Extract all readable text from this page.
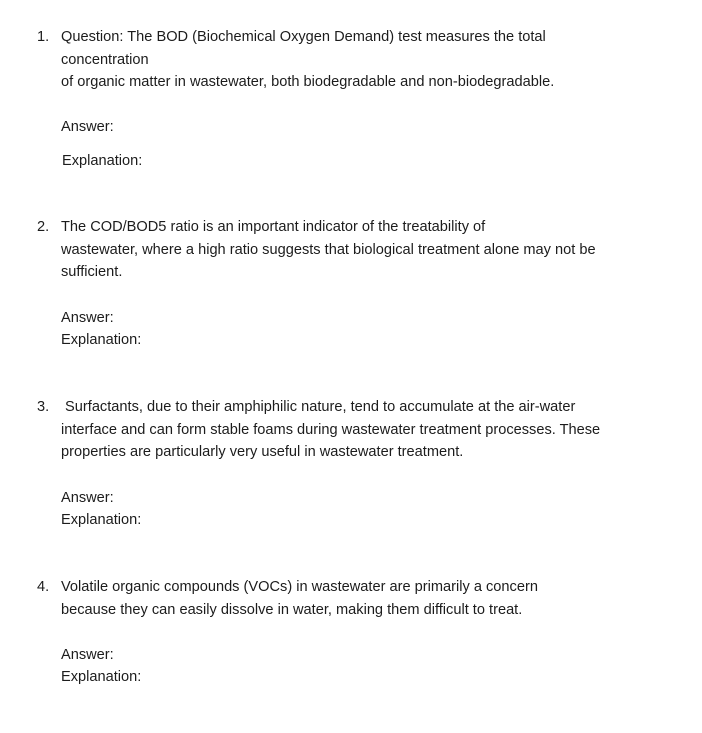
1. Question: The BOD (Biochemical Oxygen Demand) test measures the total
concentration
of organic matter in wastewater, both biodegradable and non-biodegradable.
Answer:
Explanation:
2. The COD/BOD5 ratio is an important indicator of the treatability of
wastewater, where a high ratio suggests that biological treatment alone may not be
sufficient.
Answer:
Explanation:
3. Surfactants, due to their amphiphilic nature, tend to accumulate at the air-water
interface and can form stable foams during wastewater treatment processes. These
properties are particularly very useful in wastewater treatment.
Answer:
Explanation:
4. Volatile organic compounds (VOCs) in wastewater are primarily a concern
because they can easily dissolve in water, making them difficult to treat.
Answer:
Explanation:
